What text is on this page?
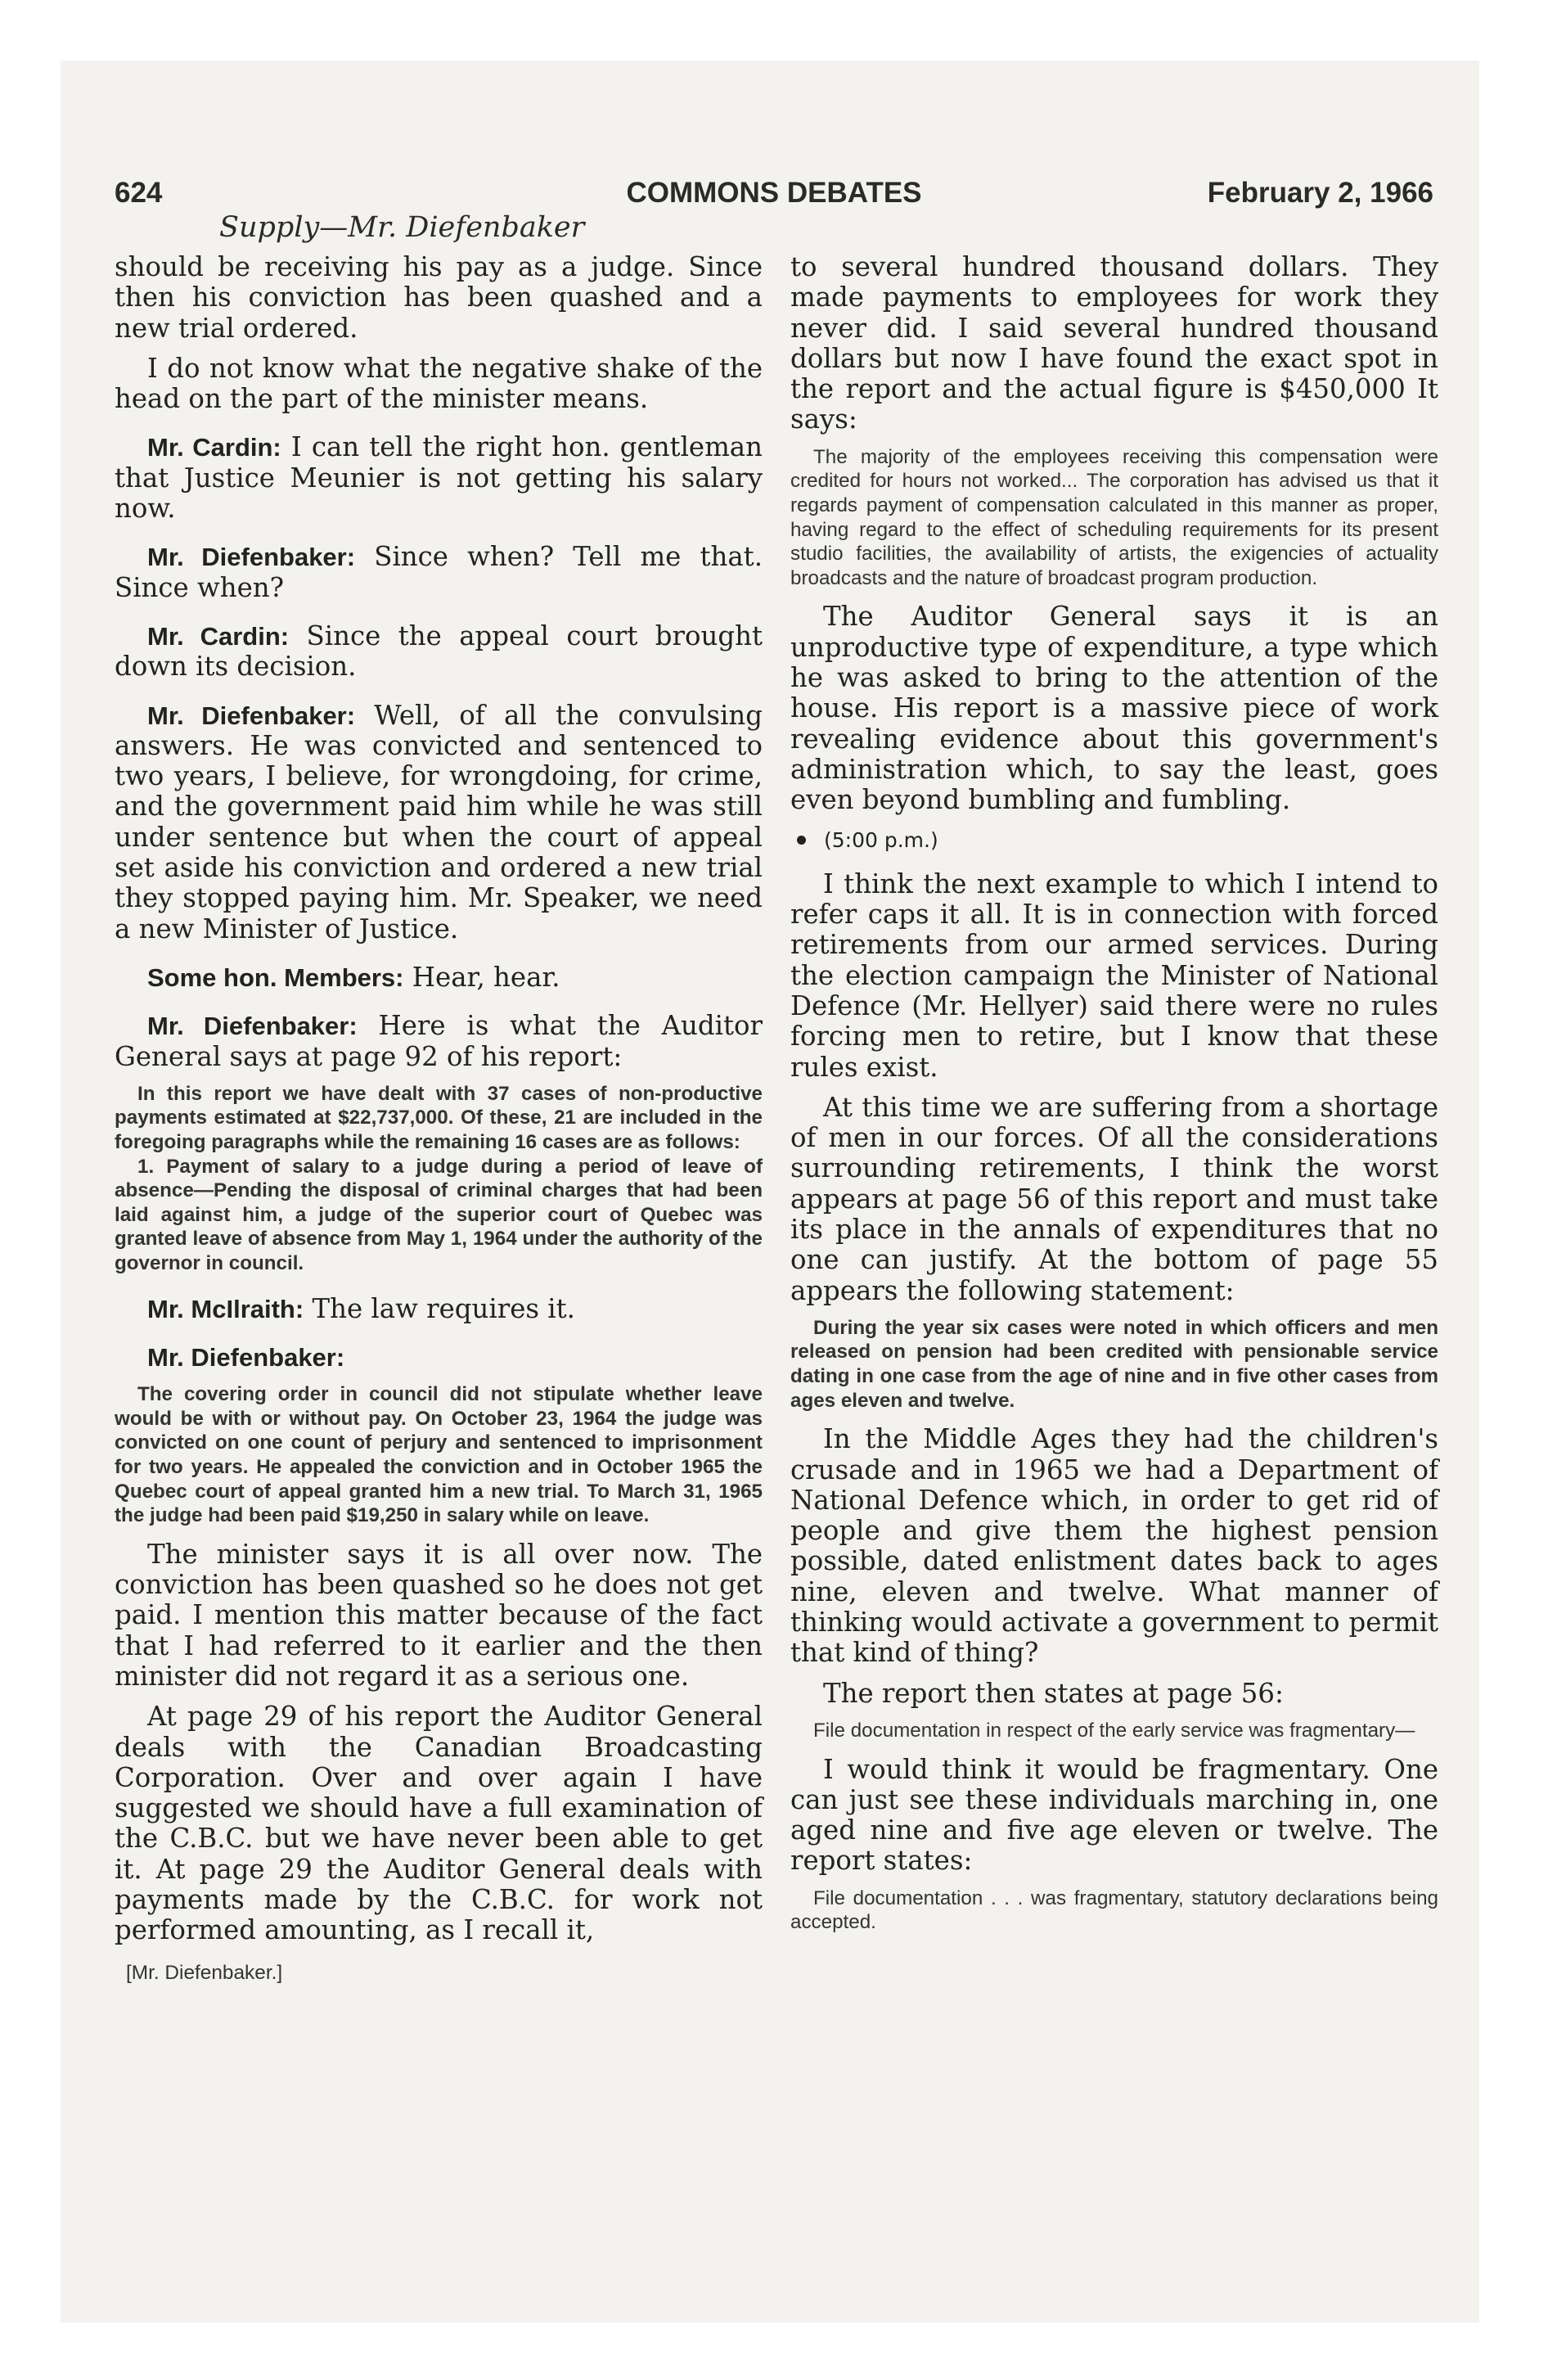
624	COMMONS DEBATES	February 2, 1966
Supply—Mr. Diefenbaker

should be receiving his pay as a judge. Since then his conviction has been quashed and a new trial ordered.

I do not know what the negative shake of the head on the part of the minister means.

Mr. Cardin: I can tell the right hon. gentleman that Justice Meunier is not getting his salary now.

Mr. Diefenbaker: Since when? Tell me that. Since when?

Mr. Cardin: Since the appeal court brought down its decision.

Mr. Diefenbaker: Well, of all the convulsing answers. He was convicted and sentenced to two years, I believe, for wrongdoing, for crime, and the government paid him while he was still under sentence but when the court of appeal set aside his conviction and ordered a new trial they stopped paying him. Mr. Speaker, we need a new Minister of Justice.

Some hon. Members: Hear, hear.

Mr. Diefenbaker: Here is what the Auditor General says at page 92 of his report:

In this report we have dealt with 37 cases of non-productive payments estimated at $22,737,000. Of these, 21 are included in the foregoing paragraphs while the remaining 16 cases are as follows:
1. Payment of salary to a judge during a period of leave of absence—Pending the disposal of criminal charges that had been laid against him, a judge of the superior court of Quebec was granted leave of absence from May 1, 1964 under the authority of the governor in council.

Mr. McIlraith: The law requires it.

Mr. Diefenbaker:

The covering order in council did not stipulate whether leave would be with or without pay. On October 23, 1964 the judge was convicted on one count of perjury and sentenced to imprisonment for two years. He appealed the conviction and in October 1965 the Quebec court of appeal granted him a new trial. To March 31, 1965 the judge had been paid $19,250 in salary while on leave.

The minister says it is all over now. The conviction has been quashed so he does not get paid. I mention this matter because of the fact that I had referred to it earlier and the then minister did not regard it as a serious one.

At page 29 of his report the Auditor General deals with the Canadian Broadcasting Corporation. Over and over again I have suggested we should have a full examination of the C.B.C. but we have never been able to get it. At page 29 the Auditor General deals with payments made by the C.B.C. for work not performed amounting, as I recall it,

[Mr. Diefenbaker.]

to several hundred thousand dollars. They made payments to employees for work they never did. I said several hundred thousand dollars but now I have found the exact spot in the report and the actual figure is $450,000 It says:

The majority of the employees receiving this compensation were credited for hours not worked... The corporation has advised us that it regards payment of compensation calculated in this manner as proper, having regard to the effect of scheduling requirements for its present studio facilities, the availability of artists, the exigencies of actuality broadcasts and the nature of broadcast program production.

The Auditor General says it is an unproductive type of expenditure, a type which he was asked to bring to the attention of the house. His report is a massive piece of work revealing evidence about this government's administration which, to say the least, goes even beyond bumbling and fumbling.

(5:00 p.m.)

I think the next example to which I intend to refer caps it all. It is in connection with forced retirements from our armed services. During the election campaign the Minister of National Defence (Mr. Hellyer) said there were no rules forcing men to retire, but I know that these rules exist.

At this time we are suffering from a shortage of men in our forces. Of all the considerations surrounding retirements, I think the worst appears at page 56 of this report and must take its place in the annals of expenditures that no one can justify. At the bottom of page 55 appears the following statement:

During the year six cases were noted in which officers and men released on pension had been credited with pensionable service dating in one case from the age of nine and in five other cases from ages eleven and twelve.

In the Middle Ages they had the children's crusade and in 1965 we had a Department of National Defence which, in order to get rid of people and give them the highest pension possible, dated enlistment dates back to ages nine, eleven and twelve. What manner of thinking would activate a government to permit that kind of thing?

The report then states at page 56:

File documentation in respect of the early service was fragmentary—

I would think it would be fragmentary. One can just see these individuals marching in, one aged nine and five age eleven or twelve. The report states:

File documentation . . . was fragmentary, statutory declarations being accepted.
